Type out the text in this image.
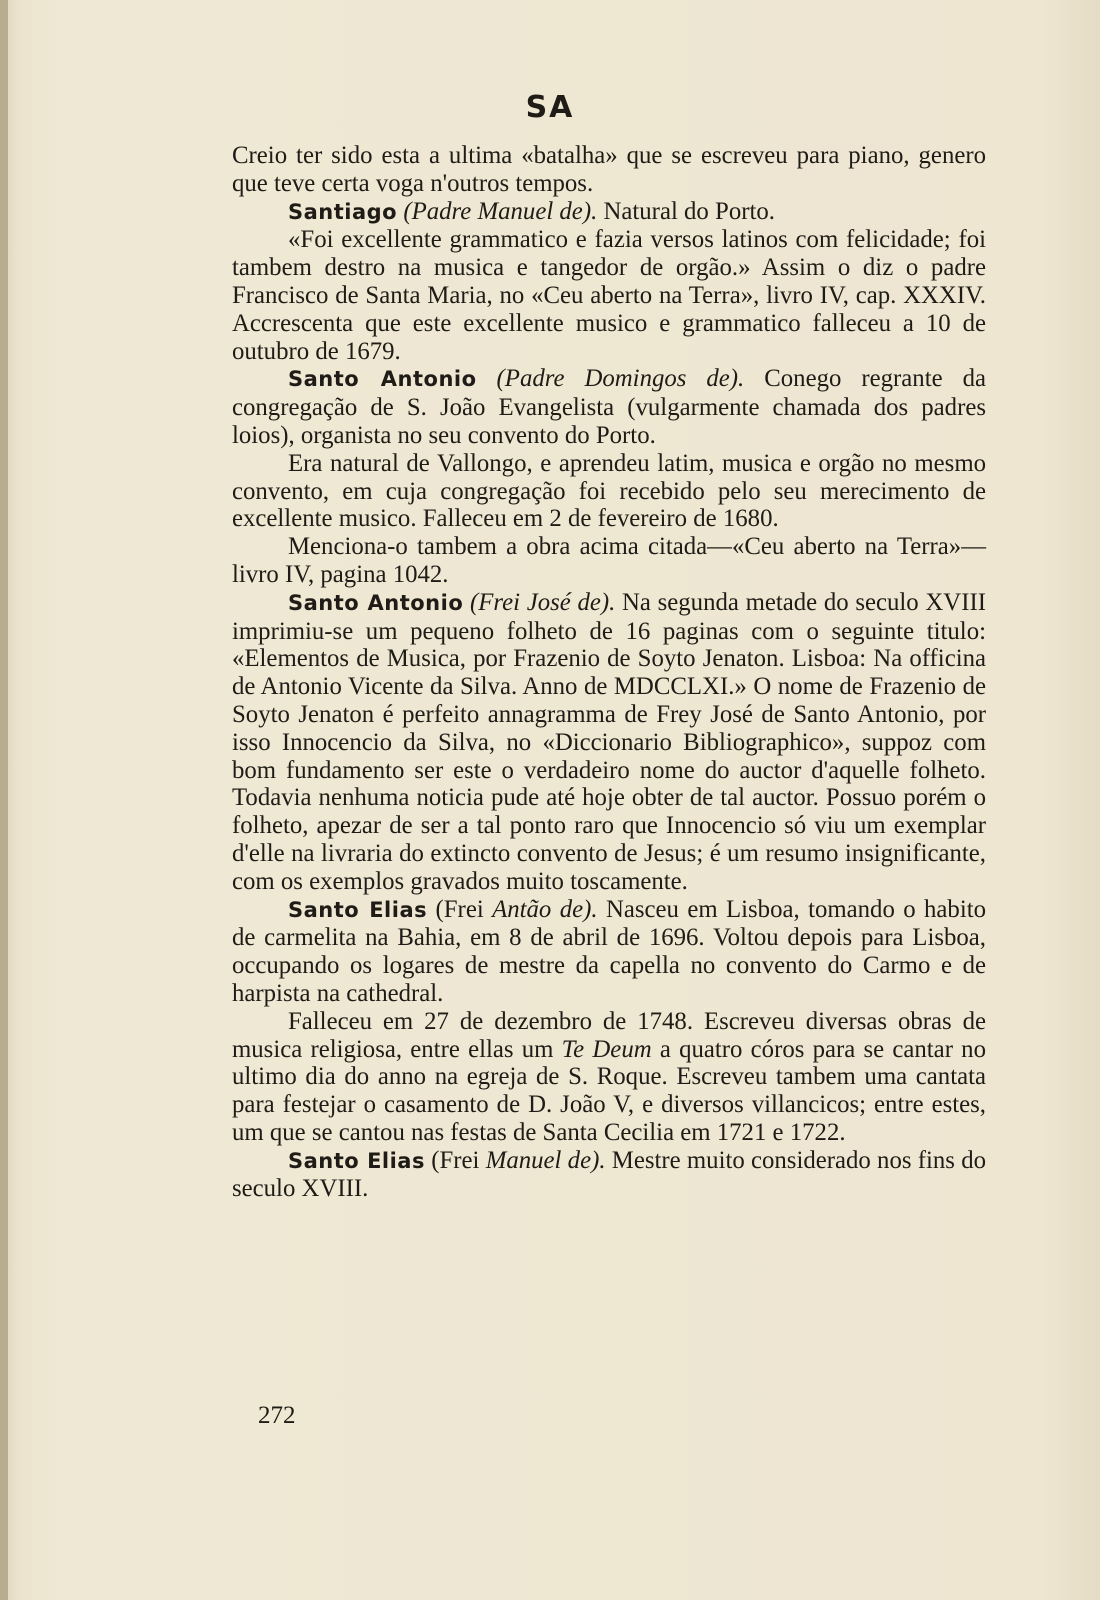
SA

Creio ter sido esta a ultima «batalha» que se escreveu para piano, genero que teve certa voga n'outros tempos.

Santiago (Padre Manuel de). Natural do Porto.

«Foi excellente grammatico e fazia versos latinos com felicidade; foi tambem destro na musica e tangedor de orgão.» Assim o diz o padre Francisco de Santa Maria, no «Ceu aberto na Terra», livro IV, cap. XXXIV. Accrescenta que este excellente musico e grammatico falleceu a 10 de outubro de 1679.

Santo Antonio (Padre Domingos de). Conego regrante da congregação de S. João Evangelista (vulgarmente chamada dos padres loios), organista no seu convento do Porto.

Era natural de Vallongo, e aprendeu latim, musica e orgão no mesmo convento, em cuja congregação foi recebido pelo seu merecimento de excellente musico. Falleceu em 2 de fevereiro de 1680.

Menciona-o tambem a obra acima citada—«Ceu aberto na Terra»—livro IV, pagina 1042.

Santo Antonio (Frei José de). Na segunda metade do seculo XVIII imprimiu-se um pequeno folheto de 16 paginas com o seguinte titulo: «Elementos de Musica, por Frazenio de Soyto Jenaton. Lisboa: Na officina de Antonio Vicente da Silva. Anno de MDCCLXI.» O nome de Frazenio de Soyto Jenaton é perfeito annagramma de Frey José de Santo Antonio, por isso Innocencio da Silva, no «Diccionario Bibliographico», suppoz com bom fundamento ser este o verdadeiro nome do auctor d'aquelle folheto. Todavia nenhuma noticia pude até hoje obter de tal auctor. Possuo porém o folheto, apezar de ser a tal ponto raro que Innocencio só viu um exemplar d'elle na livraria do extincto convento de Jesus; é um resumo insignificante, com os exemplos gravados muito toscamente.

Santo Elias (Frei Antão de). Nasceu em Lisboa, tomando o habito de carmelita na Bahia, em 8 de abril de 1696. Voltou depois para Lisboa, occupando os logares de mestre da capella no convento do Carmo e de harpista na cathedral.

Falleceu em 27 de dezembro de 1748. Escreveu diversas obras de musica religiosa, entre ellas um Te Deum a quatro córos para se cantar no ultimo dia do anno na egreja de S. Roque. Escreveu tambem uma cantata para festejar o casamento de D. João V, e diversos villancicos; entre estes, um que se cantou nas festas de Santa Cecilia em 1721 e 1722.

Santo Elias (Frei Manuel de). Mestre muito considerado nos fins do seculo XVIII.

272
